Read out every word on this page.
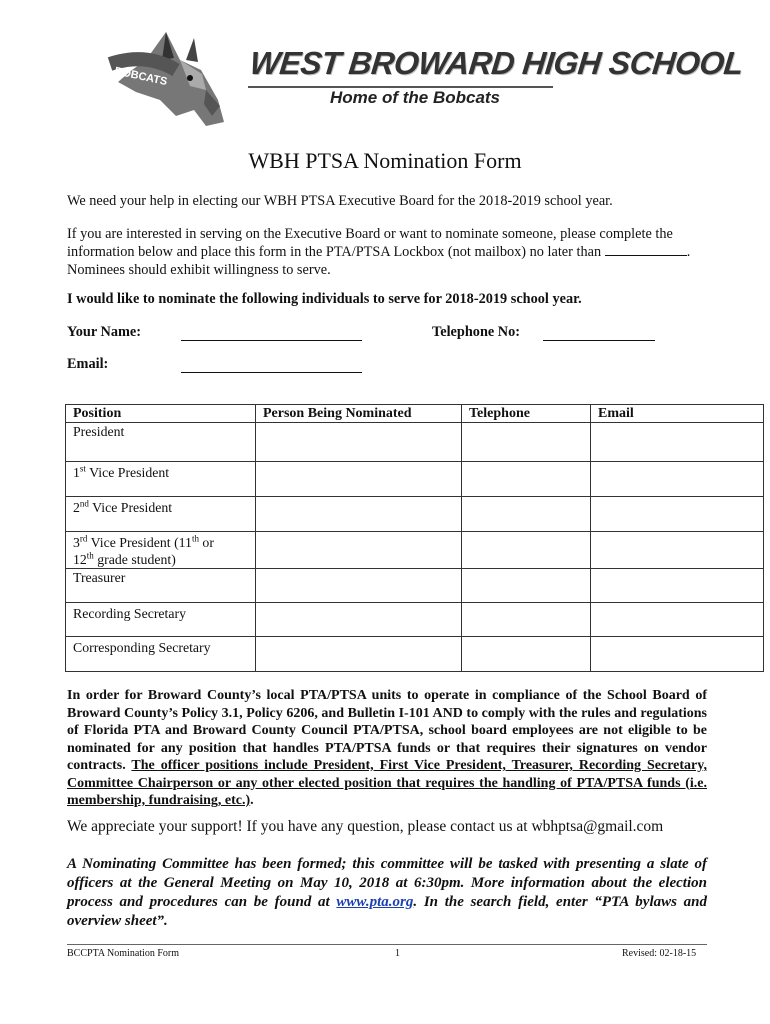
BOBCATS WEST BROWARD HIGH SCHOOL
Home of the Bobcats
WBH PTSA Nomination Form
We need your help in electing our WBH PTSA Executive Board for the 2018-2019 school year.
If you are interested in serving on the Executive Board or want to nominate someone, please complete the information below and place this form in the PTA/PTSA Lockbox (not mailbox) no later than	. Nominees should exhibit willingness to serve.
I would like to nominate the following individuals to serve for 2018-2019 school year.
Your Name:	Telephone No:
Email:
Position	Person Being Nominated	Telephone	Email
President			
1st Vice President			
2nd Vice President			
3rd Vice President (11th or
12th grade student)			
Treasurer			
Recording Secretary			
Corresponding Secretary			
In order for Broward County’s local PTA/PTSA units to operate in compliance of the School Board of Broward County’s Policy 3.1, Policy 6206, and Bulletin I-101 AND to comply with the rules and regulations of Florida PTA and Broward County Council PTA/PTSA, school board employees are not eligible to be nominated for any position that handles PTA/PTSA funds or that requires their signatures on vendor contracts. The officer positions include President, First Vice President, Treasurer, Recording Secretary, Committee Chairperson or any other elected position that requires the handling of PTA/PTSA funds (i.e. membership, fundraising, etc.).
We appreciate your support! If you have any question, please contact us at wbhptsa@gmail.com
A Nominating Committee has been formed; this committee will be tasked with presenting a slate of officers at the General Meeting on May 10, 2018 at 6:30pm. More information about the election process and procedures can be found at www.pta.org. In the search field, enter “PTA bylaws and overview sheet”.
BCCPTA Nomination Form	1	Revised: 02-18-15
